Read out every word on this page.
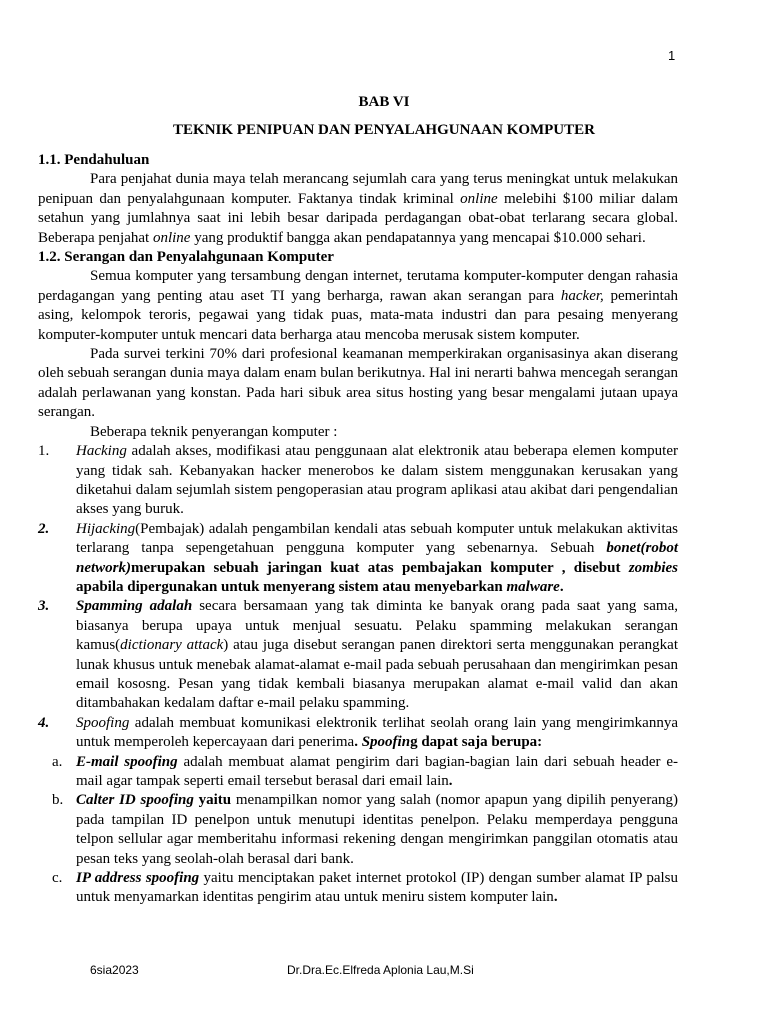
1
BAB VI
TEKNIK PENIPUAN DAN PENYALAHGUNAAN KOMPUTER

1.1. Pendahuluan

Para penjahat dunia maya telah merancang sejumlah cara yang terus meningkat untuk melakukan penipuan dan penyalahgunaan komputer. Faktanya tindak kriminal online melebihi $100 miliar dalam setahun yang jumlahnya saat ini lebih besar daripada perdagangan obat-obat terlarang secara global. Beberapa penjahat online yang produktif bangga akan pendapatannya yang mencapai $10.000 sehari.

1.2. Serangan dan Penyalahgunaan Komputer

Semua komputer yang tersambung dengan internet, terutama komputer-komputer dengan rahasia perdagangan yang penting atau aset TI yang berharga, rawan akan serangan para hacker, pemerintah asing, kelompok teroris, pegawai yang tidak puas, mata-mata industri dan para pesaing menyerang komputer-komputer untuk mencari data berharga atau mencoba merusak sistem komputer.

Pada survei terkini 70% dari profesional keamanan memperkirakan organisasinya akan diserang oleh sebuah serangan dunia maya dalam enam bulan berikutnya. Hal ini nerarti bahwa mencegah serangan adalah perlawanan yang konstan. Pada hari sibuk area situs hosting yang besar mengalami jutaan upaya serangan.

Beberapa teknik penyerangan komputer :

1. Hacking adalah akses, modifikasi atau penggunaan alat elektronik atau beberapa elemen komputer yang tidak sah. Kebanyakan hacker menerobos ke dalam sistem menggunakan kerusakan yang diketahui dalam sejumlah sistem pengoperasian atau program aplikasi atau akibat dari pengendalian akses yang buruk.
2. Hijacking(Pembajak) adalah pengambilan kendali atas sebuah komputer untuk melakukan aktivitas terlarang tanpa sepengetahuan pengguna komputer yang sebenarnya. Sebuah bonet(robot network)merupakan sebuah jaringan kuat atas pembajakan komputer , disebut zombies apabila dipergunakan untuk menyerang sistem atau menyebarkan malware.
3. Spamming adalah secara bersamaan yang tak diminta ke banyak orang pada saat yang sama, biasanya berupa upaya untuk menjual sesuatu. Pelaku spamming melakukan serangan kamus(dictionary attack) atau juga disebut serangan panen direktori serta menggunakan perangkat lunak khusus untuk menebak alamat-alamat e-mail pada sebuah perusahaan dan mengirimkan pesan email kososng. Pesan yang tidak kembali biasanya merupakan alamat e-mail valid dan akan ditambahakan kedalam daftar e-mail pelaku spamming.
4. Spoofing adalah membuat komunikasi elektronik terlihat seolah orang lain yang mengirimkannya untuk memperoleh kepercayaan dari penerima. Spoofing dapat saja berupa:
a. E-mail spoofing adalah membuat alamat pengirim dari bagian-bagian lain dari sebuah header e-mail agar tampak seperti email tersebut berasal dari email lain.
b. Calter ID spoofing yaitu menampilkan nomor yang salah (nomor apapun yang dipilih penyerang) pada tampilan ID penelpon untuk menutupi identitas penelpon. Pelaku memperdaya pengguna telpon sellular agar memberitahu informasi rekening dengan mengirimkan panggilan otomatis atau pesan teks yang seolah-olah berasal dari bank.
c. IP address spoofing yaitu menciptakan paket internet protokol (IP) dengan sumber alamat IP palsu untuk menyamarkan identitas pengirim atau untuk meniru sistem komputer lain.
6sia2023	Dr.Dra.Ec.Elfreda Aplonia Lau,M.Si
